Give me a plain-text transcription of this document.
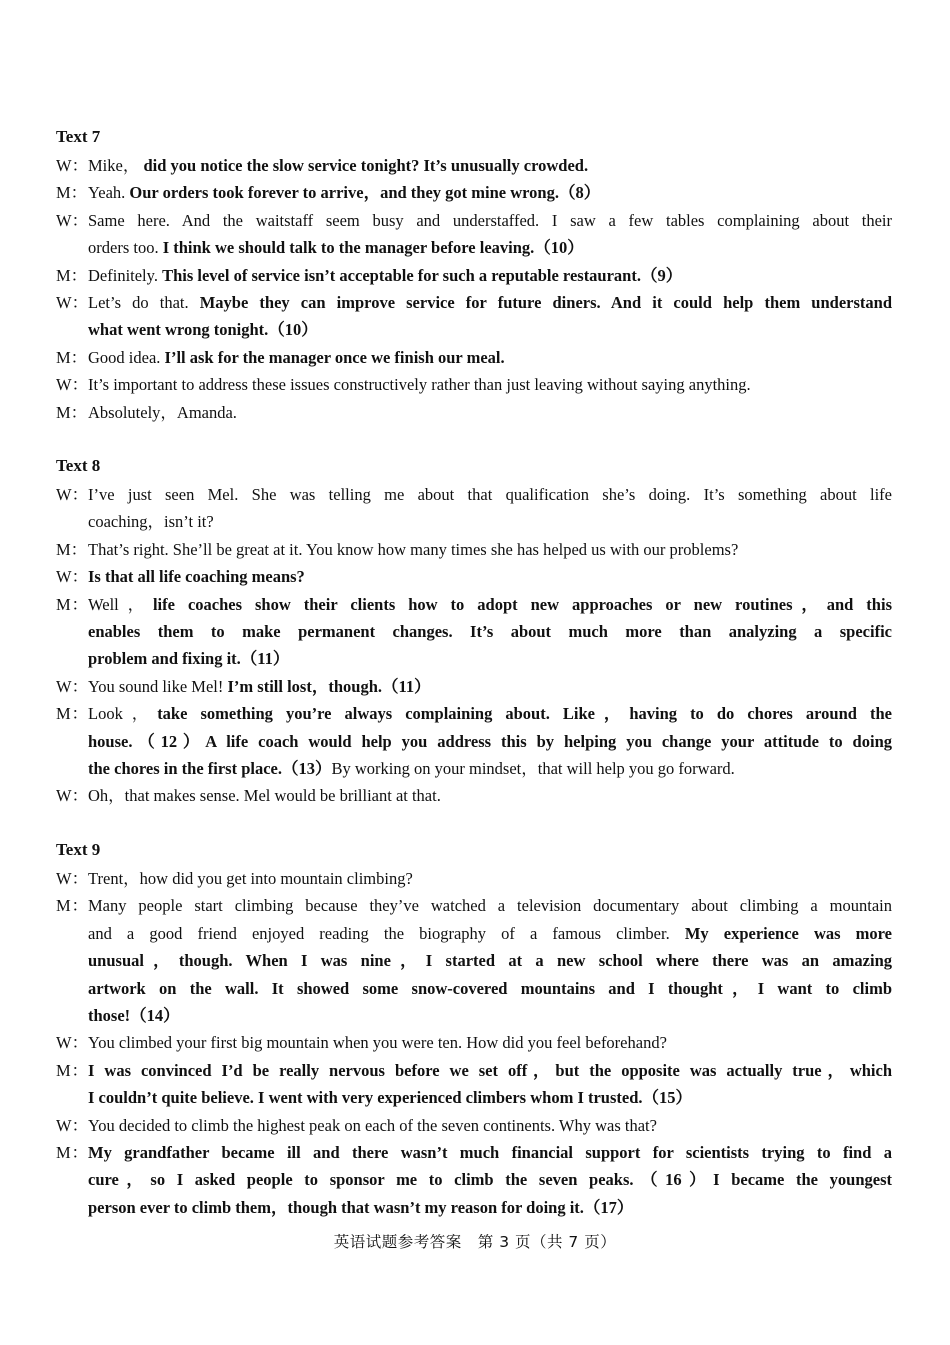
Text 7
W：Mike， did you notice the slow service tonight? It’s unusually crowded.
M：Yeah. Our orders took forever to arrive，and they got mine wrong.（8）
W：Same here. And the waitstaff seem busy and understaffed. I saw a few tables complaining about their
orders too. I think we should talk to the manager before leaving.（10）
M：Definitely. This level of service isn’t acceptable for such a reputable restaurant.（9）
W：Let’s do that. Maybe they can improve service for future diners. And it could help them understand
what went wrong tonight.（10）
M：Good idea. I’ll ask for the manager once we finish our meal.
W：It’s important to address these issues constructively rather than just leaving without saying anything.
M：Absolutely，Amanda.
Text 8
W：I’ve just seen Mel. She was telling me about that qualification she’s doing. It’s something about life
coaching，isn’t it?
M：That’s right. She’ll be great at it. You know how many times she has helped us with our problems?
W：Is that all life coaching means?
M：Well，life coaches show their clients how to adopt new approaches or new routines，and this
enables them to make permanent changes. It’s about much more than analyzing a specific
problem and fixing it.（11）
W：You sound like Mel! I’m still lost，though.（11）
M：Look，take something you’re always complaining about. Like，having to do chores around the
house.（12）A life coach would help you address this by helping you change your attitude to doing
the chores in the first place.（13）By working on your mindset，that will help you go forward.
W：Oh，that makes sense. Mel would be brilliant at that.
Text 9
W：Trent，how did you get into mountain climbing?
M：Many people start climbing because they’ve watched a television documentary about climbing a mountain
and a good friend enjoyed reading the biography of a famous climber. My experience was more
unusual，though. When I was nine，I started at a new school where there was an amazing
artwork on the wall. It showed some snow-covered mountains and I thought，I want to climb
those!（14）
W：You climbed your first big mountain when you were ten. How did you feel beforehand?
M：I was convinced I’d be really nervous before we set off，but the opposite was actually true，which
I couldn’t quite believe. I went with very experienced climbers whom I trusted.（15）
W：You decided to climb the highest peak on each of the seven continents. Why was that?
M：My grandfather became ill and there wasn’t much financial support for scientists trying to find a
cure，so I asked people to sponsor me to climb the seven peaks.（16）I became the youngest
person ever to climb them，though that wasn’t my reason for doing it.（17）
英语试题参考答案　第 3 页（共 7 页）
